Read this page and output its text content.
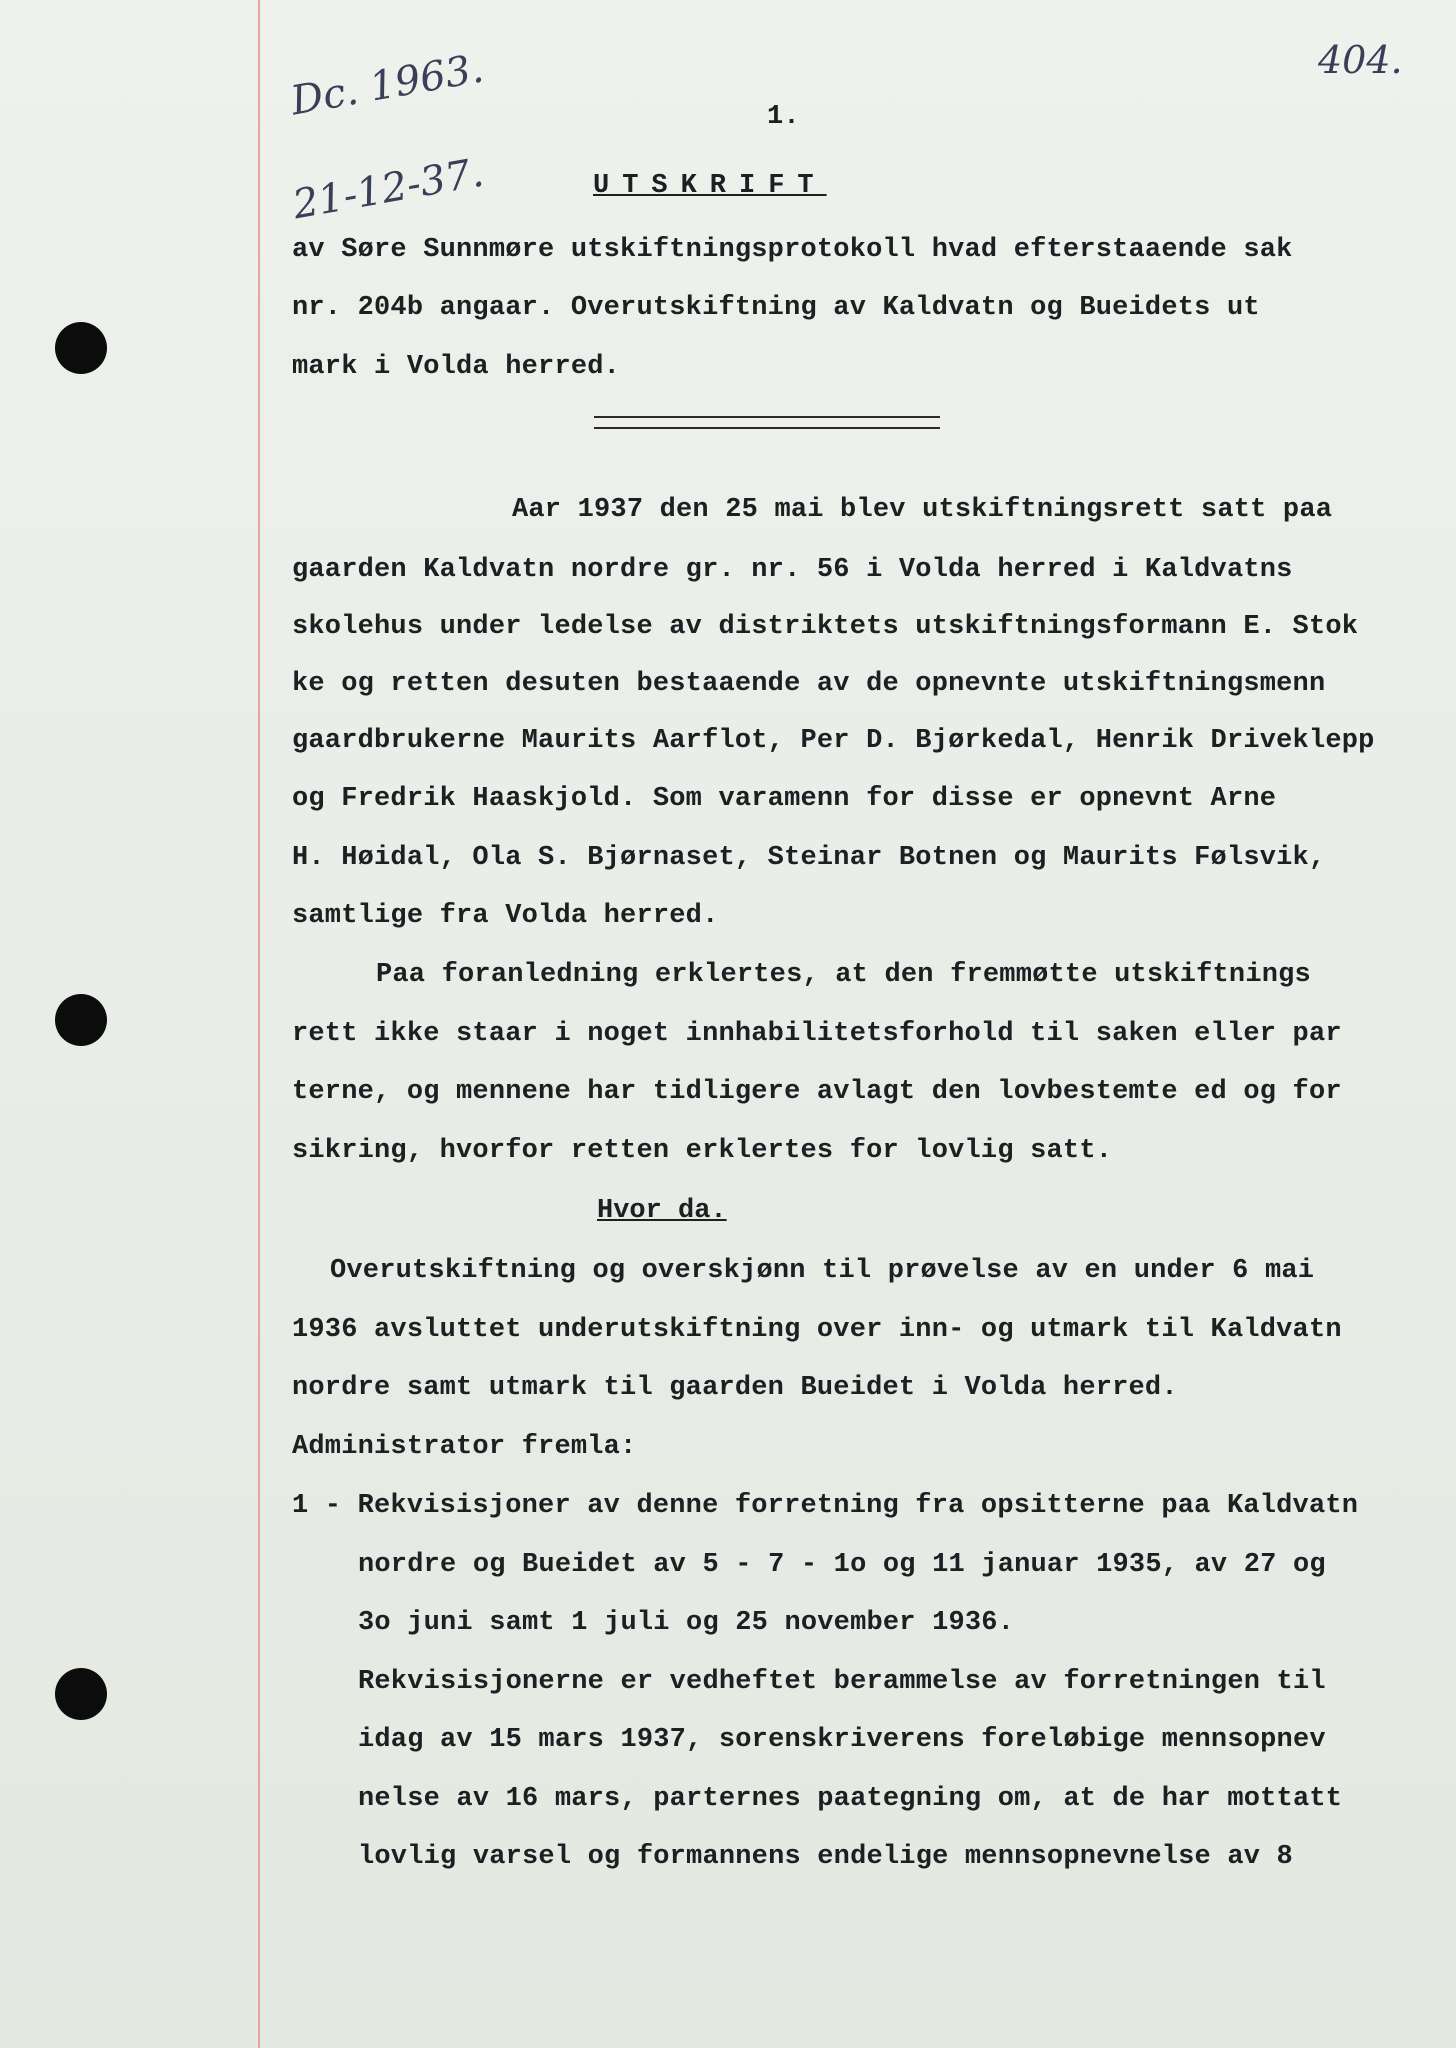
Dc. 1963.
21-12-37.
404.
1.
UTSKRIFT
av Søre Sunnmøre utskiftningsprotokoll hvad efterstaaende sak
nr. 204b angaar. Overutskiftning av Kaldvatn og Bueidets ut
mark i Volda herred.
Aar 1937 den 25 mai blev utskiftningsrett satt paa
gaarden Kaldvatn nordre gr. nr. 56 i Volda herred i Kaldvatns
skolehus under ledelse av distriktets utskiftningsformann E. Stok
ke og retten desuten bestaaende av de opnevnte utskiftningsmenn
gaardbrukerne Maurits Aarflot, Per D. Bjørkedal, Henrik Driveklepp
og Fredrik Haaskjold. Som varamenn for disse er opnevnt Arne
H. Høidal, Ola S. Bjørnaset, Steinar Botnen og Maurits Følsvik,
samtlige fra Volda herred.
Paa foranledning erklertes, at den fremmøtte utskiftnings
rett ikke staar i noget innhabilitetsforhold til saken eller par
terne, og mennene har tidligere avlagt den lovbestemte ed og for
sikring, hvorfor retten erklertes for lovlig satt.
Hvor da.
Overutskiftning og overskjønn til prøvelse av en under 6 mai
1936 avsluttet underutskiftning over inn- og utmark til Kaldvatn
nordre samt utmark til gaarden Bueidet i Volda herred.
Administrator fremla:
1 - Rekvisisjoner av denne forretning fra opsitterne paa Kaldvatn
nordre og Bueidet av 5 - 7 - 1o og 11 januar 1935, av 27 og
3o juni samt 1 juli og 25 november 1936.
Rekvisisjonerne er vedheftet berammelse av forretningen til
idag av 15 mars 1937, sorenskriverens foreløbige mennsopnev
nelse av 16 mars, parternes paategning om, at de har mottatt
lovlig varsel og formannens endelige mennsopnevnelse av 8
